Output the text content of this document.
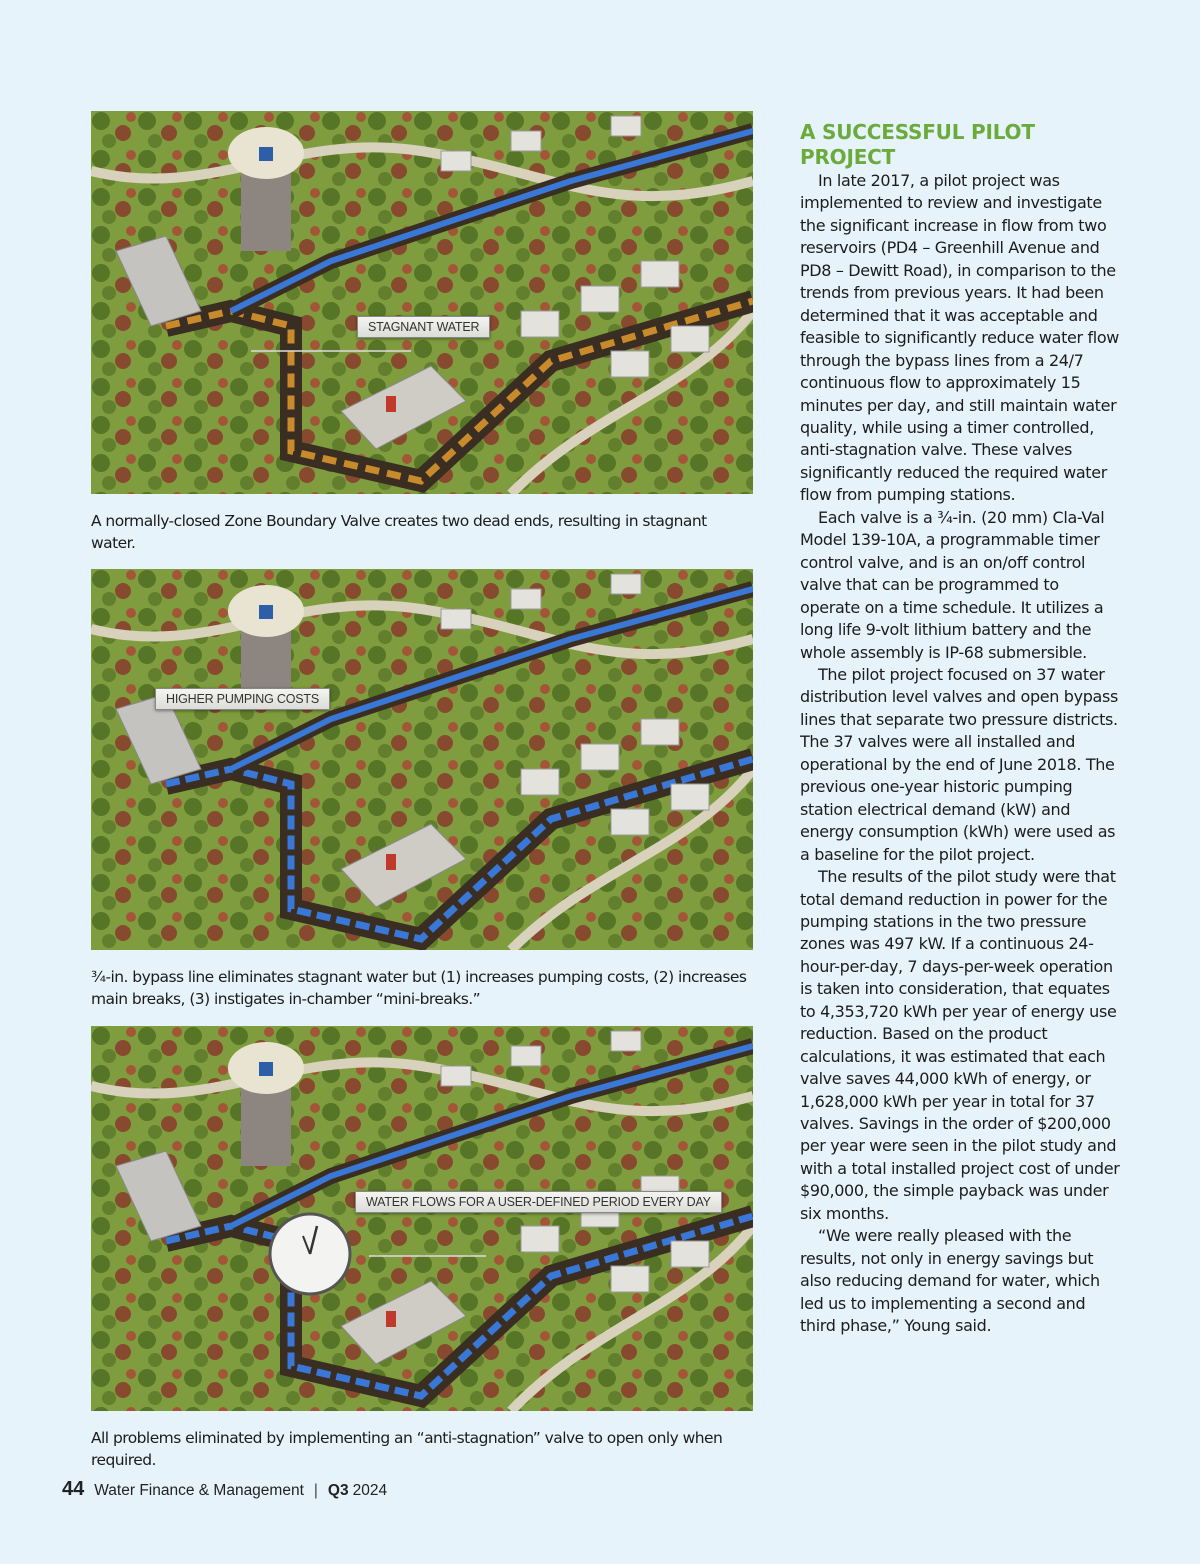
STAGNANT WATER
A normally-closed Zone Boundary Valve creates two dead ends, resulting in stagnant water.
HIGHER PUMPING COSTS
¾-in. bypass line eliminates stagnant water but (1) increases pumping costs, (2) increases main breaks, (3) instigates in-chamber “mini-breaks.”
WATER FLOWS FOR A USER-DEFINED PERIOD EVERY DAY
All problems eliminated by implementing an “anti-stagnation” valve to open only when required.
A SUCCESSFUL PILOT PROJECT

In late 2017, a pilot project was implemented to review and investigate the significant increase in flow from two reservoirs (PD4 – Greenhill Avenue and PD8 – Dewitt Road), in comparison to the trends from previous years. It had been determined that it was acceptable and feasible to significantly reduce water flow through the bypass lines from a 24/7 continuous flow to approximately 15 minutes per day, and still maintain water quality, while using a timer controlled, anti-stagnation valve. These valves significantly reduced the required water flow from pumping stations.

Each valve is a ¾-in. (20 mm) Cla-Val Model 139-10A, a programmable timer control valve, and is an on/off control valve that can be programmed to operate on a time schedule. It utilizes a long life 9-volt lithium battery and the whole assembly is IP-68 submersible.

The pilot project focused on 37 water distribution level valves and open bypass lines that separate two pressure districts. The 37 valves were all installed and operational by the end of June 2018. The previous one-year historic pumping station electrical demand (kW) and energy consumption (kWh) were used as a baseline for the pilot project.

The results of the pilot study were that total demand reduction in power for the pumping stations in the two pressure zones was 497 kW. If a continuous 24-hour-per-day, 7 days-per-week operation is taken into consideration, that equates to 4,353,720 kWh per year of energy use reduction. Based on the product calculations, it was estimated that each valve saves 44,000 kWh of energy, or 1,628,000 kWh per year in total for 37 valves. Savings in the order of $200,000 per year were seen in the pilot study and with a total installed project cost of under $90,000, the simple payback was under six months.

“We were really pleased with the results, not only in energy savings but also reducing demand for water, which led us to implementing a second and third phase,” Young said.

44 Water Finance & Management | Q3 2024
